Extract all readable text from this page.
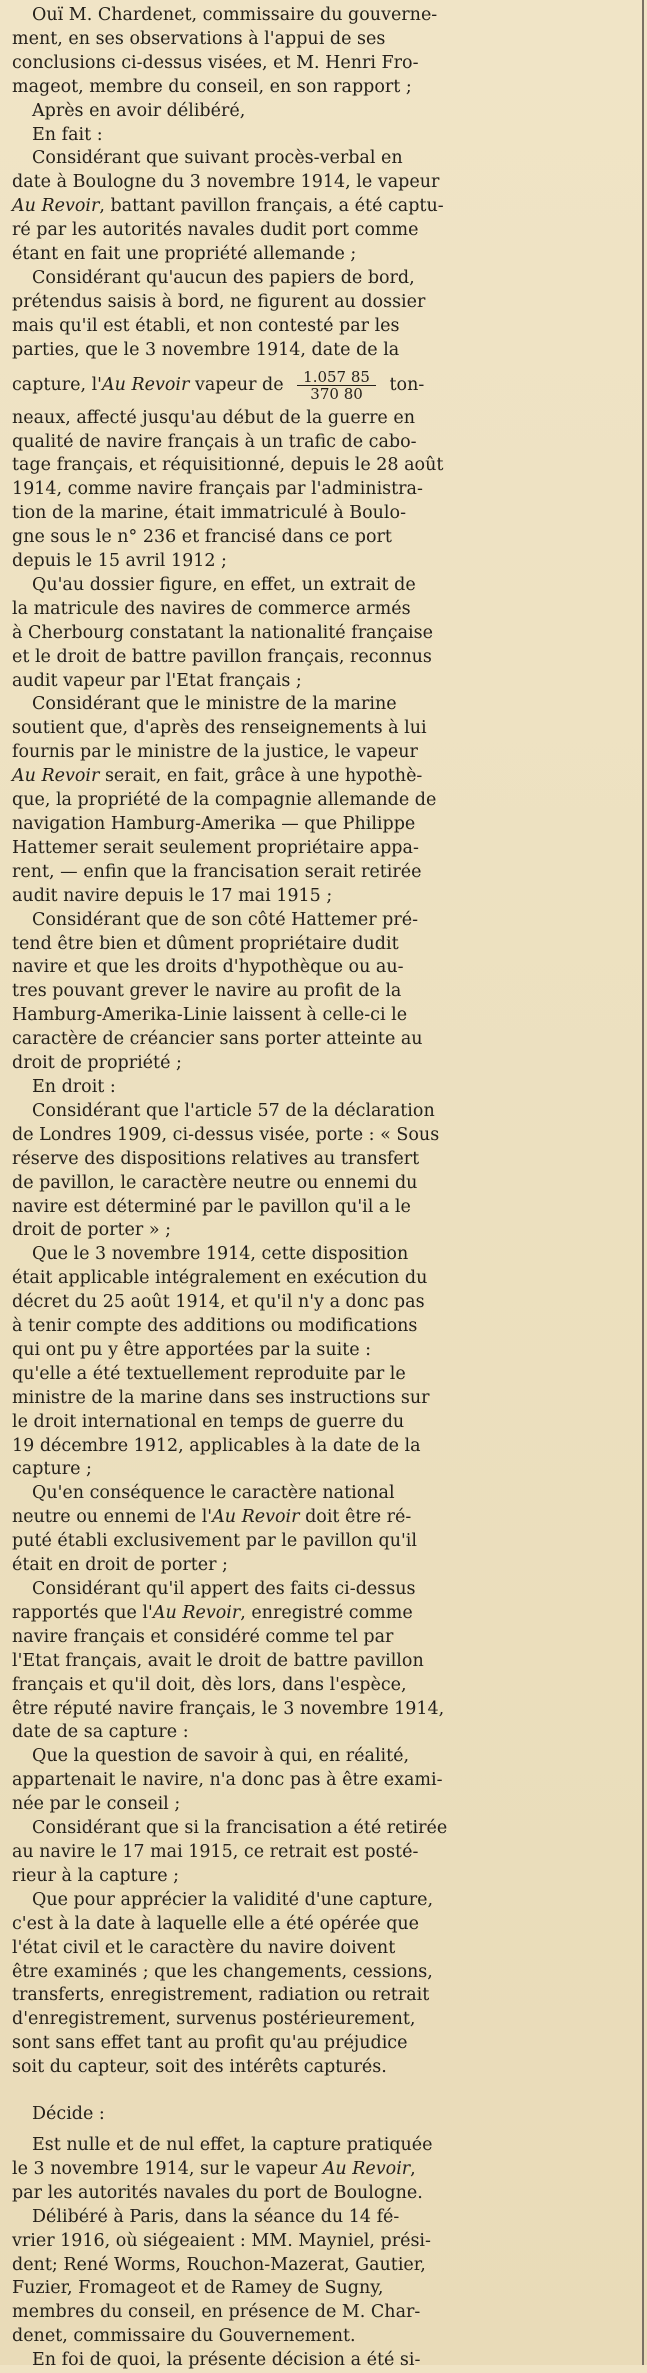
Ouï M. Chardenet, commissaire du gouverne-
ment, en ses observations à l'appui de ses
conclusions ci-dessus visées, et M. Henri Fro-
mageot, membre du conseil, en son rapport ;

Après en avoir délibéré,

En fait :

Considérant que suivant procès-verbal en
date à Boulogne du 3 novembre 1914, le vapeur
Au Revoir, battant pavillon français, a été captu-
ré par les autorités navales dudit port comme
étant en fait une propriété allemande ;

Considérant qu'aucun des papiers de bord,
prétendus saisis à bord, ne figurent au dossier
mais qu'il est établi, et non contesté par les
parties, que le 3 novembre 1914, date de la
capture, l'Au Revoir vapeur de $\frac{1.057 85}{370 80} ton-$
neaux, affecté jusqu'au début de la guerre en
qualité de navire français à un trafic de cabo-
tage français, et réquisitionné, depuis le 28 août
1914, comme navire français par l'administra-
tion de la marine, était immatriculé à Boulo-
gne sous le n° 236 et francisé dans ce port
depuis le 15 avril 1912 ;

Qu'au dossier figure, en effet, un extrait de
la matricule des navires de commerce armés
à Cherbourg constatant la nationalité française
et le droit de battre pavillon français, reconnus
audit vapeur par l'Etat français ;

Considérant que le ministre de la marine
soutient que, d'après des renseignements à lui
fournis par le ministre de la justice, le vapeur
Au Revoir serait, en fait, grâce à une hypothè-
que, la propriété de la compagnie allemande de
navigation Hamburg-Amerika — que Philippe
Hattemer serait seulement propriétaire appa-
rent, — enfin que la francisation serait retirée
audit navire depuis le 17 mai 1915 ;

Considérant que de son côté Hattemer pré-
tend être bien et dûment propriétaire dudit
navire et que les droits d'hypothèque ou au-
tres pouvant grever le navire au profit de la
Hamburg-Amerika-Linie laissent à celle-ci le
caractère de créancier sans porter atteinte au
droit de propriété ;

En droit :

Considérant que l'article 57 de la déclaration
de Londres 1909, ci-dessus visée, porte : « Sous
réserve des dispositions relatives au transfert
de pavillon, le caractère neutre ou ennemi du
navire est déterminé par le pavillon qu'il a le
droit de porter » ;

Que le 3 novembre 1914, cette disposition
était applicable intégralement en exécution du
décret du 25 août 1914, et qu'il n'y a donc pas
à tenir compte des additions ou modifications
qui ont pu y être apportées par la suite :
qu'elle a été textuellement reproduite par le
ministre de la marine dans ses instructions sur
le droit international en temps de guerre du
19 décembre 1912, applicables à la date de la
capture ;

Qu'en conséquence le caractère national
neutre ou ennemi de l'Au Revoir doit être ré-
puté établi exclusivement par le pavillon qu'il
était en droit de porter ;

Considérant qu'il appert des faits ci-dessus
rapportés que l'Au Revoir, enregistré comme
navire français et considéré comme tel par
l'Etat français, avait le droit de battre pavillon
français et qu'il doit, dès lors, dans l'espèce,
être réputé navire français, le 3 novembre 1914,
date de sa capture :

Que la question de savoir à qui, en réalité,
appartenait le navire, n'a donc pas à être exami-
née par le conseil ;

Considérant que si la francisation a été retirée
au navire le 17 mai 1915, ce retrait est posté-
rieur à la capture ;

Que pour apprécier la validité d'une capture,
c'est à la date à laquelle elle a été opérée que
l'état civil et le caractère du navire doivent
être examinés ; que les changements, cessions,
transferts, enregistrement, radiation ou retrait
d'enregistrement, survenus postérieurement,
sont sans effet tant au profit qu'au préjudice
soit du capteur, soit des intérêts capturés.

Décide :

Est nulle et de nul effet, la capture pratiquée
le 3 novembre 1914, sur le vapeur Au Revoir,
par les autorités navales du port de Boulogne.

Délibéré à Paris, dans la séance du 14 fé-
vrier 1916, où siégeaient : MM. Mayniel, prési-
dent; René Worms, Rouchon-Mazerat, Gautier,
Fuzier, Fromageot et de Ramey de Sugny,
membres du conseil, en présence de M. Char-
denet, commissaire du Gouvernement.

En foi de quoi, la présente décision a été si-
